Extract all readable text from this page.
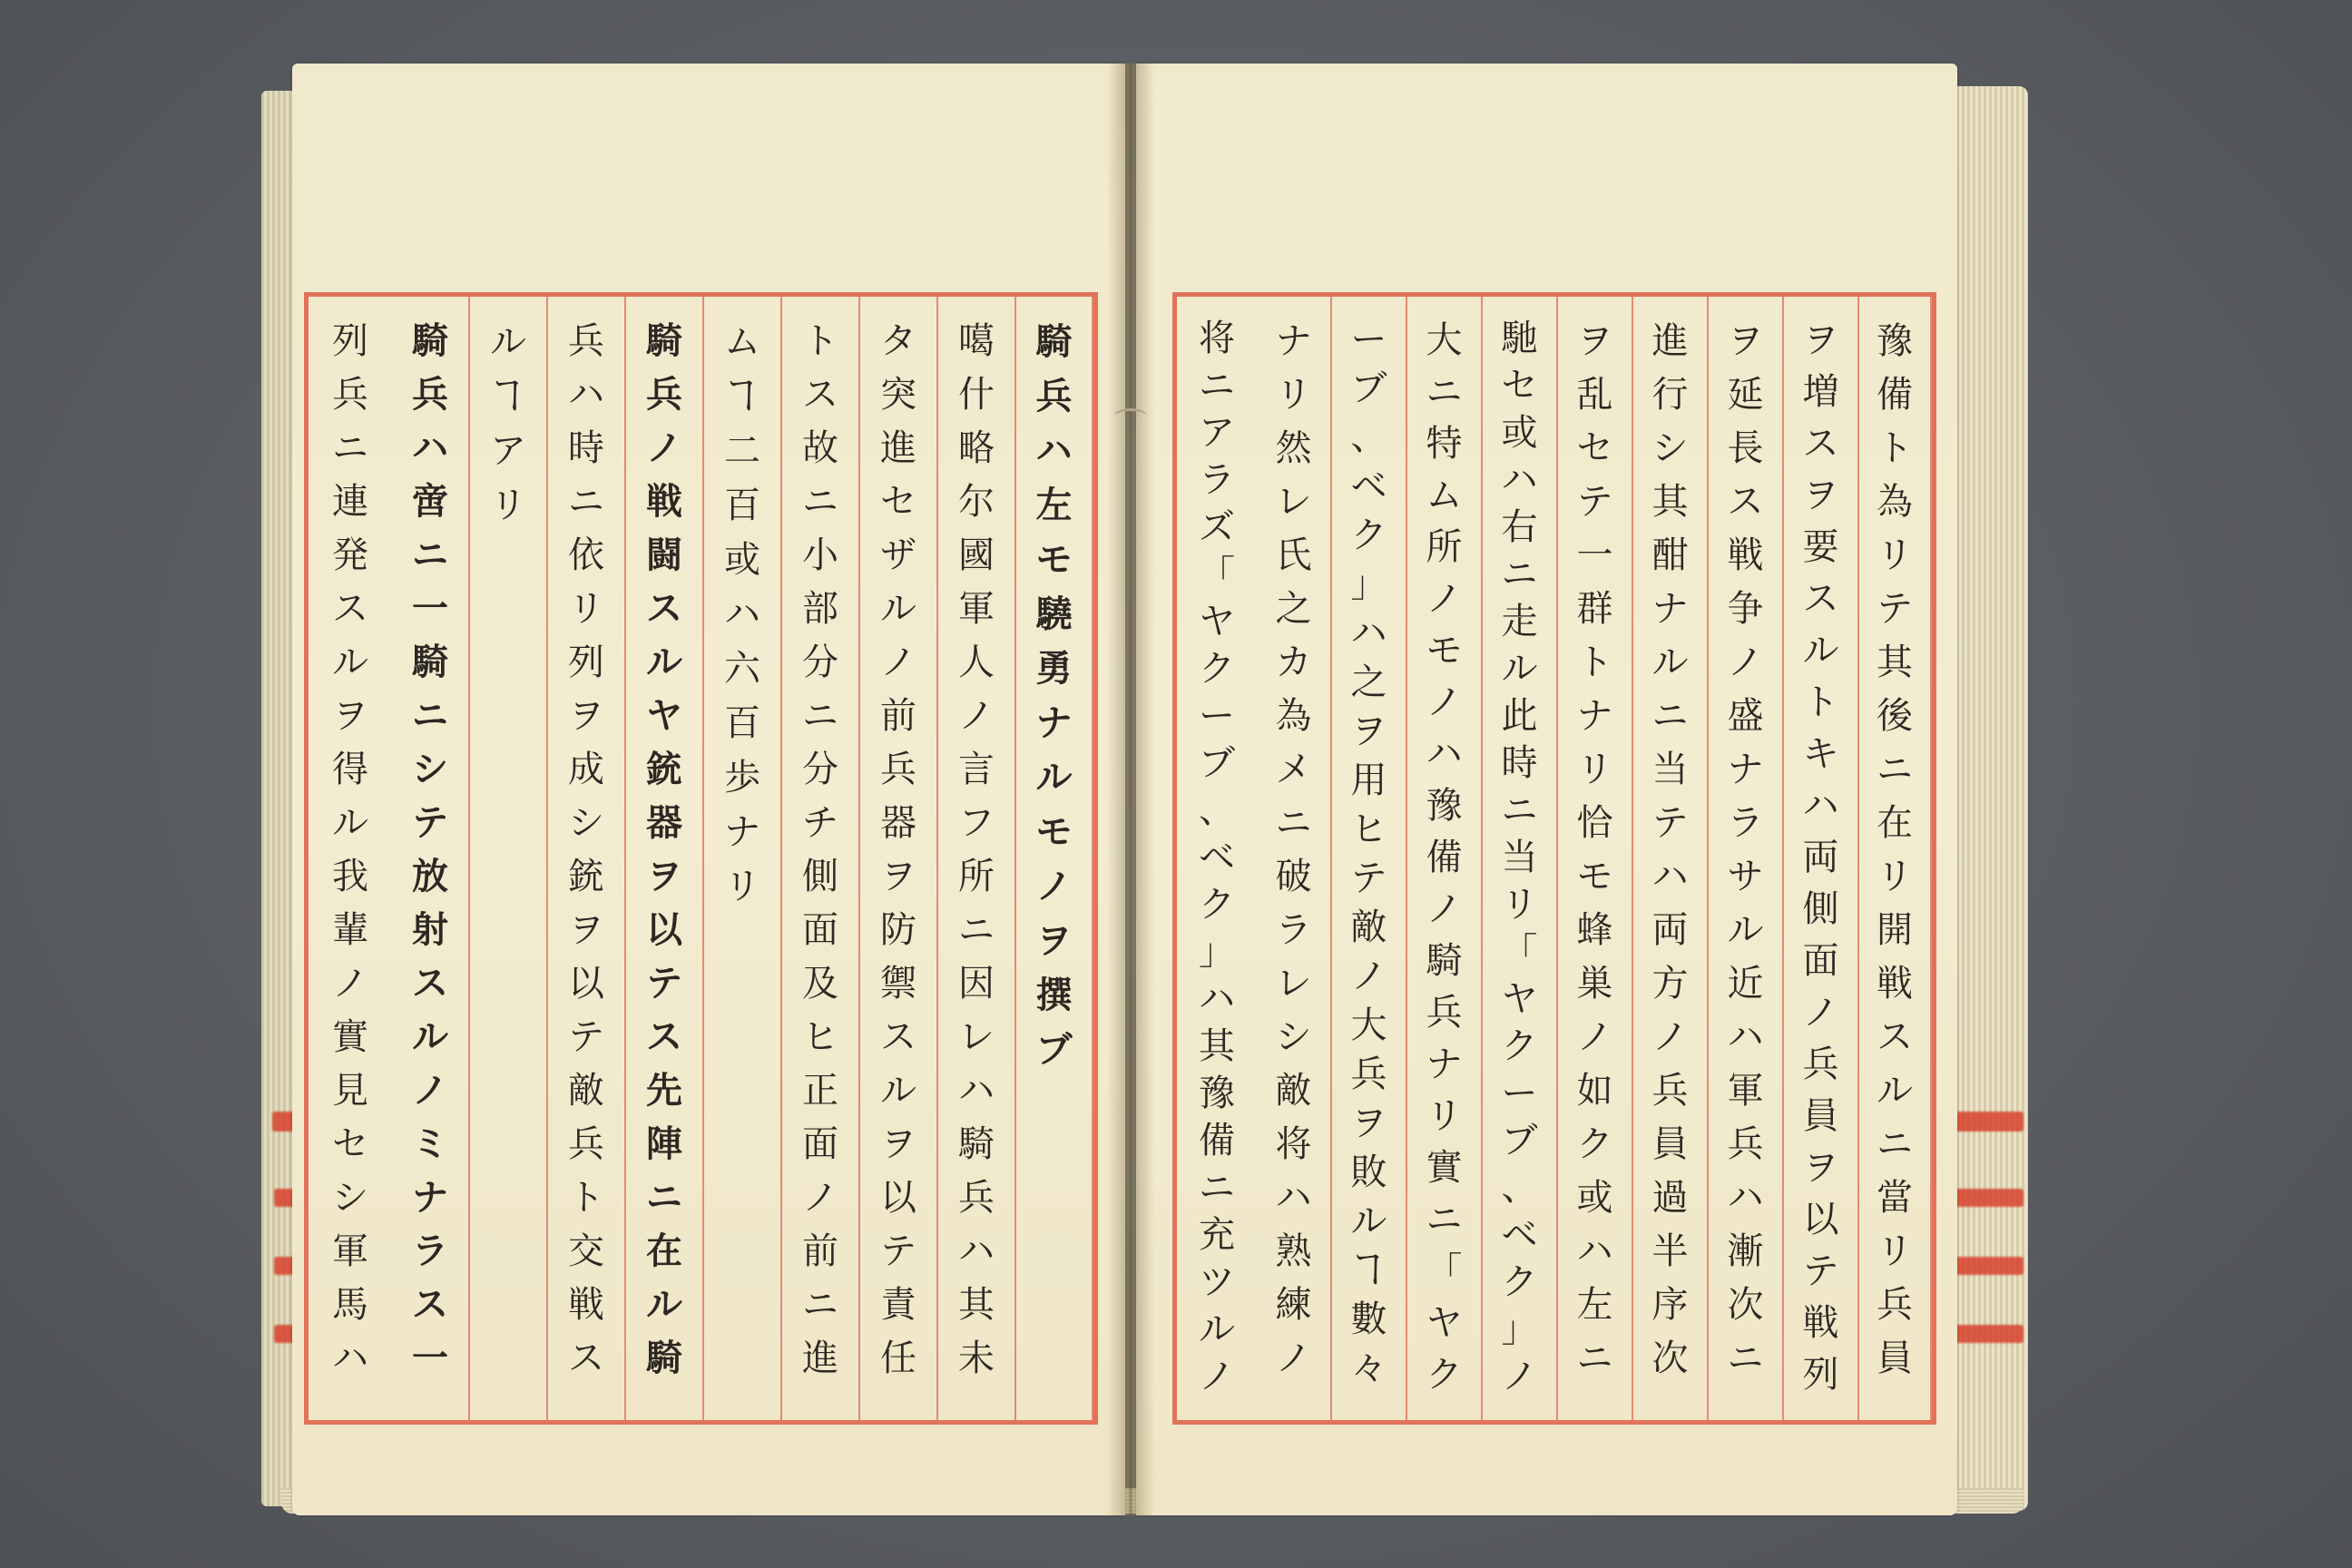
騎
兵
ハ
左
モ
驍
勇
ナ
ル
モ
ノ
ヲ
撰
ブ
噶
什
略
尔
國
軍
人
ノ
言
フ
所
ニ
因
レ
ハ
騎
兵
ハ
其
未
タ
突
進
セ
ザ
ル
ノ
前
兵
器
ヲ
防
禦
ス
ル
ヲ
以
テ
責
任
ト
ス
故
ニ
小
部
分
ニ
分
チ
側
面
及
ヒ
正
面
ノ
前
ニ
進
ム
ヿ
二
百
或
ハ
六
百
歩
ナ
リ
騎
兵
ノ
戦
闘
ス
ル
ヤ
銃
器
ヲ
以
テ
ス
先
陣
ニ
在
ル
騎
兵
ハ
時
ニ
依
リ
列
ヲ
成
シ
銃
ヲ
以
テ
敵
兵
ト
交
戦
ス
ル
ヿ
ア
リ
騎
兵
ハ
啻
ニ
一
騎
ニ
シ
テ
放
射
ス
ル
ノ
ミ
ナ
ラ
ス
一
列
兵
ニ
連
発
ス
ル
ヲ
得
ル
我
輩
ノ
實
見
セ
シ
軍
馬
ハ
豫
備
ト
為
リ
テ
其
後
ニ
在
リ
開
戦
ス
ル
ニ
當
リ
兵
員
ヲ
増
ス
ヲ
要
ス
ル
ト
キ
ハ
両
側
面
ノ
兵
員
ヲ
以
テ
戦
列
ヲ
延
長
ス
戦
争
ノ
盛
ナ
ラ
サ
ル
近
ハ
軍
兵
ハ
漸
次
ニ
進
行
シ
其
酣
ナ
ル
ニ
当
テ
ハ
両
方
ノ
兵
員
過
半
序
次
ヲ
乱
セ
テ
一
群
ト
ナ
リ
恰
モ
蜂
巣
ノ
如
ク
或
ハ
左
ニ
馳
セ
或
ハ
右
ニ
走
ル
此
時
ニ
当
リ
「
ヤ
ク
ー
ブ
、
ベ
ク
」
ノ
大
ニ
特
ム
所
ノ
モ
ノ
ハ
豫
備
ノ
騎
兵
ナ
リ
實
ニ
「
ヤ
ク
ー
ブ
、
ベ
ク
」
ハ
之
ヲ
用
ヒ
テ
敵
ノ
大
兵
ヲ
敗
ル
ヿ
數
々
ナ
リ
然
レ
氏
之
カ
為
メ
ニ
破
ラ
レ
シ
敵
将
ハ
熟
練
ノ
将
ニ
ア
ラ
ズ
「
ヤ
ク
ー
ブ
、
ベ
ク
」
ハ
其
豫
備
ニ
充
ツ
ル
ノ
